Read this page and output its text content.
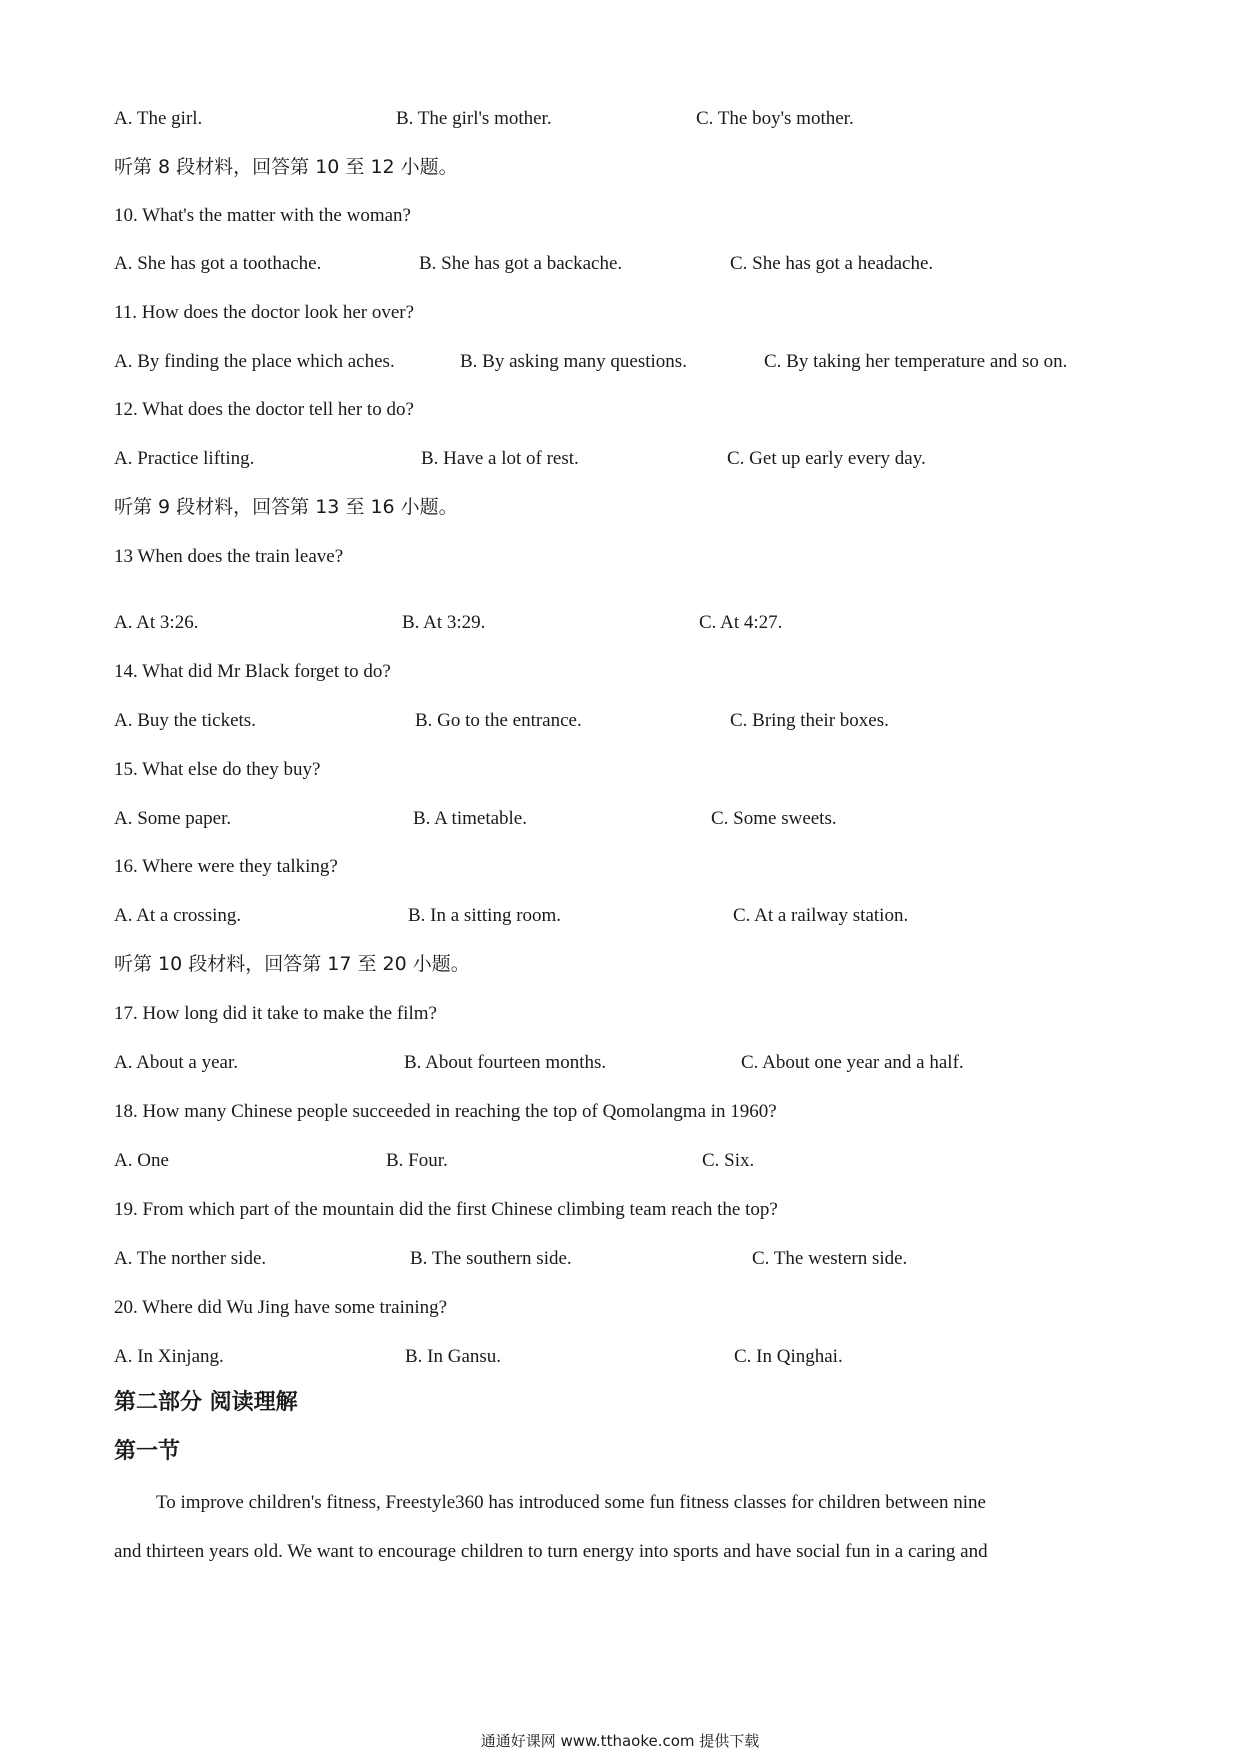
A. The girl.	B. The girl's mother.	C. The boy's mother.
听第 8 段材料，回答第 10 至 12 小题。
10. What's the matter with the woman?
A. She has got a toothache.	B. She has got a backache.	C. She has got a headache.
11. How does the doctor look her over?
A. By finding the place which aches.	B. By asking many questions.	C. By taking her temperature and so on.
12. What does the doctor tell her to do?
A. Practice lifting.	B. Have a lot of rest.	C. Get up early every day.
听第 9 段材料，回答第 13 至 16 小题。
13 When does the train leave?
A. At 3:26.	B. At 3:29.	C. At 4:27.
14. What did Mr Black forget to do?
A. Buy the tickets.	B. Go to the entrance.	C. Bring their boxes.
15. What else do they buy?
A. Some paper.	B. A timetable.	C. Some sweets.
16. Where were they talking?
A. At a crossing.	B. In a sitting room.	C. At a railway station.
听第 10 段材料，回答第 17 至 20 小题。
17. How long did it take to make the film?
A. About a year.	B. About fourteen months.	C. About one year and a half.
18. How many Chinese people succeeded in reaching the top of Qomolangma in 1960?
A. One	B. Four.	C. Six.
19. From which part of the mountain did the first Chinese climbing team reach the top?
A. The norther side.	B. The southern side.	C. The western side.
20. Where did Wu Jing have some training?
A. In Xinjang.	B. In Gansu.	C. In Qinghai.
第二部分 阅读理解
第一节
To improve children's fitness, Freestyle360 has introduced some fun fitness classes for children between nine
and thirteen years old. We want to encourage children to turn energy into sports and have social fun in a caring and
通通好课网 www.tthaoke.com 提供下载
